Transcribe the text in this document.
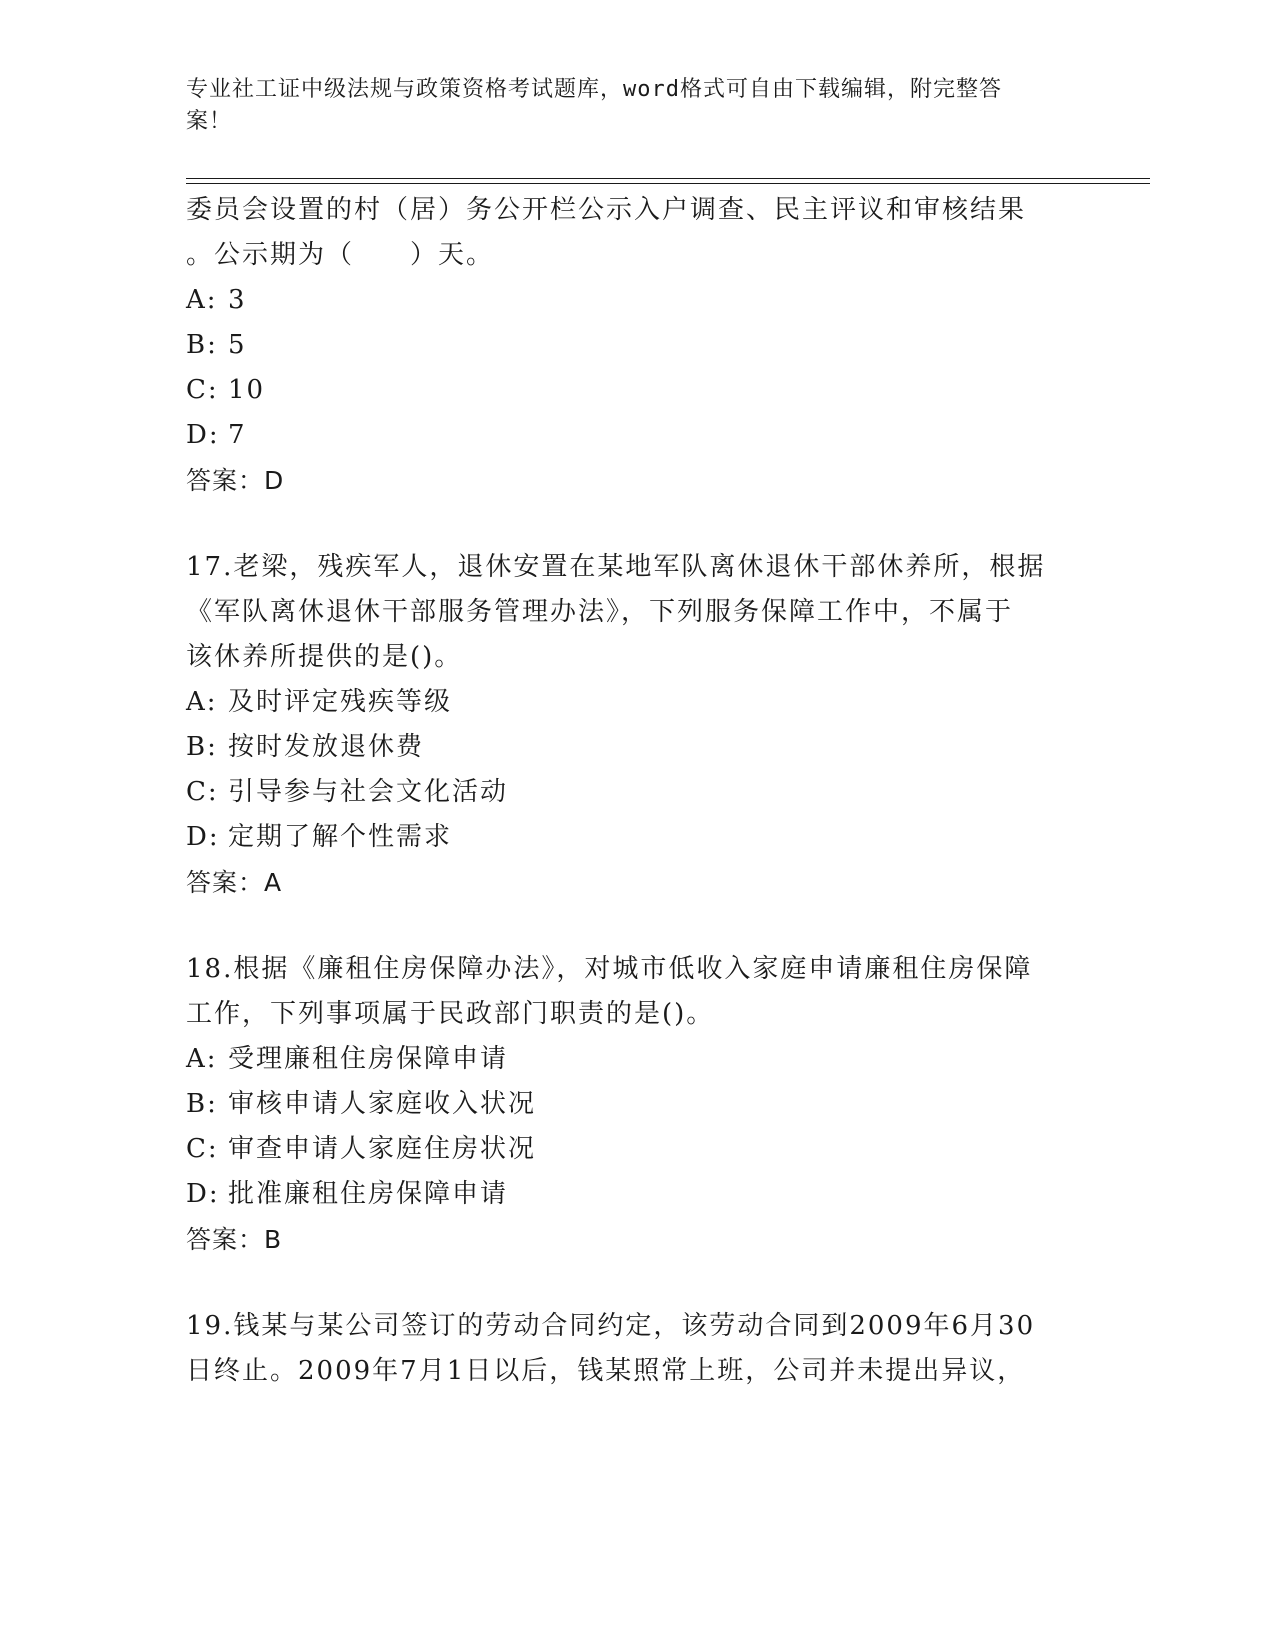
专业社工证中级法规与政策资格考试题库，word格式可自由下载编辑，附完整答
案！
委员会设置的村（居）务公开栏公示入户调查、民主评议和审核结果
。公示期为（　　）天。
A: 3
B: 5
C: 10
D: 7
答案：D
17.老梁，残疾军人，退休安置在某地军队离休退休干部休养所，根据
《军队离休退休干部服务管理办法》，下列服务保障工作中，不属于
该休养所提供的是()。
A: 及时评定残疾等级
B: 按时发放退休费
C: 引导参与社会文化活动
D: 定期了解个性需求
答案：A
18.根据《廉租住房保障办法》，对城市低收入家庭申请廉租住房保障
工作，下列事项属于民政部门职责的是()。
A: 受理廉租住房保障申请
B: 审核申请人家庭收入状况
C: 审查申请人家庭住房状况
D: 批准廉租住房保障申请
答案：B
19.钱某与某公司签订的劳动合同约定，该劳动合同到2009年6月30
日终止。2009年7月1日以后，钱某照常上班，公司并未提出异议，
